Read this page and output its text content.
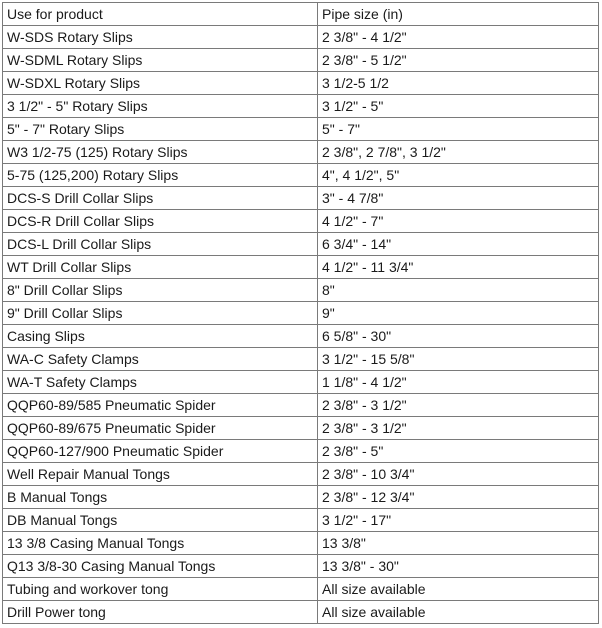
Use for product	Pipe size (in)
W-SDS Rotary Slips	2 3/8" - 4 1/2"
W-SDML Rotary Slips	2 3/8" - 5 1/2"
W-SDXL Rotary Slips	3 1/2-5 1/2
3 1/2" - 5" Rotary Slips	3 1/2" - 5"
5" - 7" Rotary Slips	5" - 7"
W3 1/2-75 (125) Rotary Slips	2 3/8", 2 7/8", 3 1/2"
5-75 (125,200) Rotary Slips	4", 4 1/2", 5"
DCS-S Drill Collar Slips	3" - 4 7/8"
DCS-R Drill Collar Slips	4 1/2" - 7"
DCS-L Drill Collar Slips	6 3/4" - 14"
WT Drill Collar Slips	4 1/2" - 11 3/4"
8" Drill Collar Slips	8"
9" Drill Collar Slips	9"
Casing Slips	6 5/8" - 30"
WA-C Safety Clamps	3 1/2" - 15 5/8"
WA-T Safety Clamps	1 1/8" - 4 1/2"
QQP60-89/585 Pneumatic Spider	2 3/8" - 3 1/2"
QQP60-89/675 Pneumatic Spider	2 3/8" - 3 1/2"
QQP60-127/900 Pneumatic Spider	2 3/8" - 5"
Well Repair Manual Tongs	2 3/8" - 10 3/4"
B Manual Tongs	2 3/8" - 12 3/4"
DB Manual Tongs	3 1/2" - 17"
13 3/8 Casing Manual Tongs	13 3/8"
Q13 3/8-30 Casing Manual Tongs	13 3/8" - 30"
Tubing and workover tong	All size available
Drill Power tong	All size available
